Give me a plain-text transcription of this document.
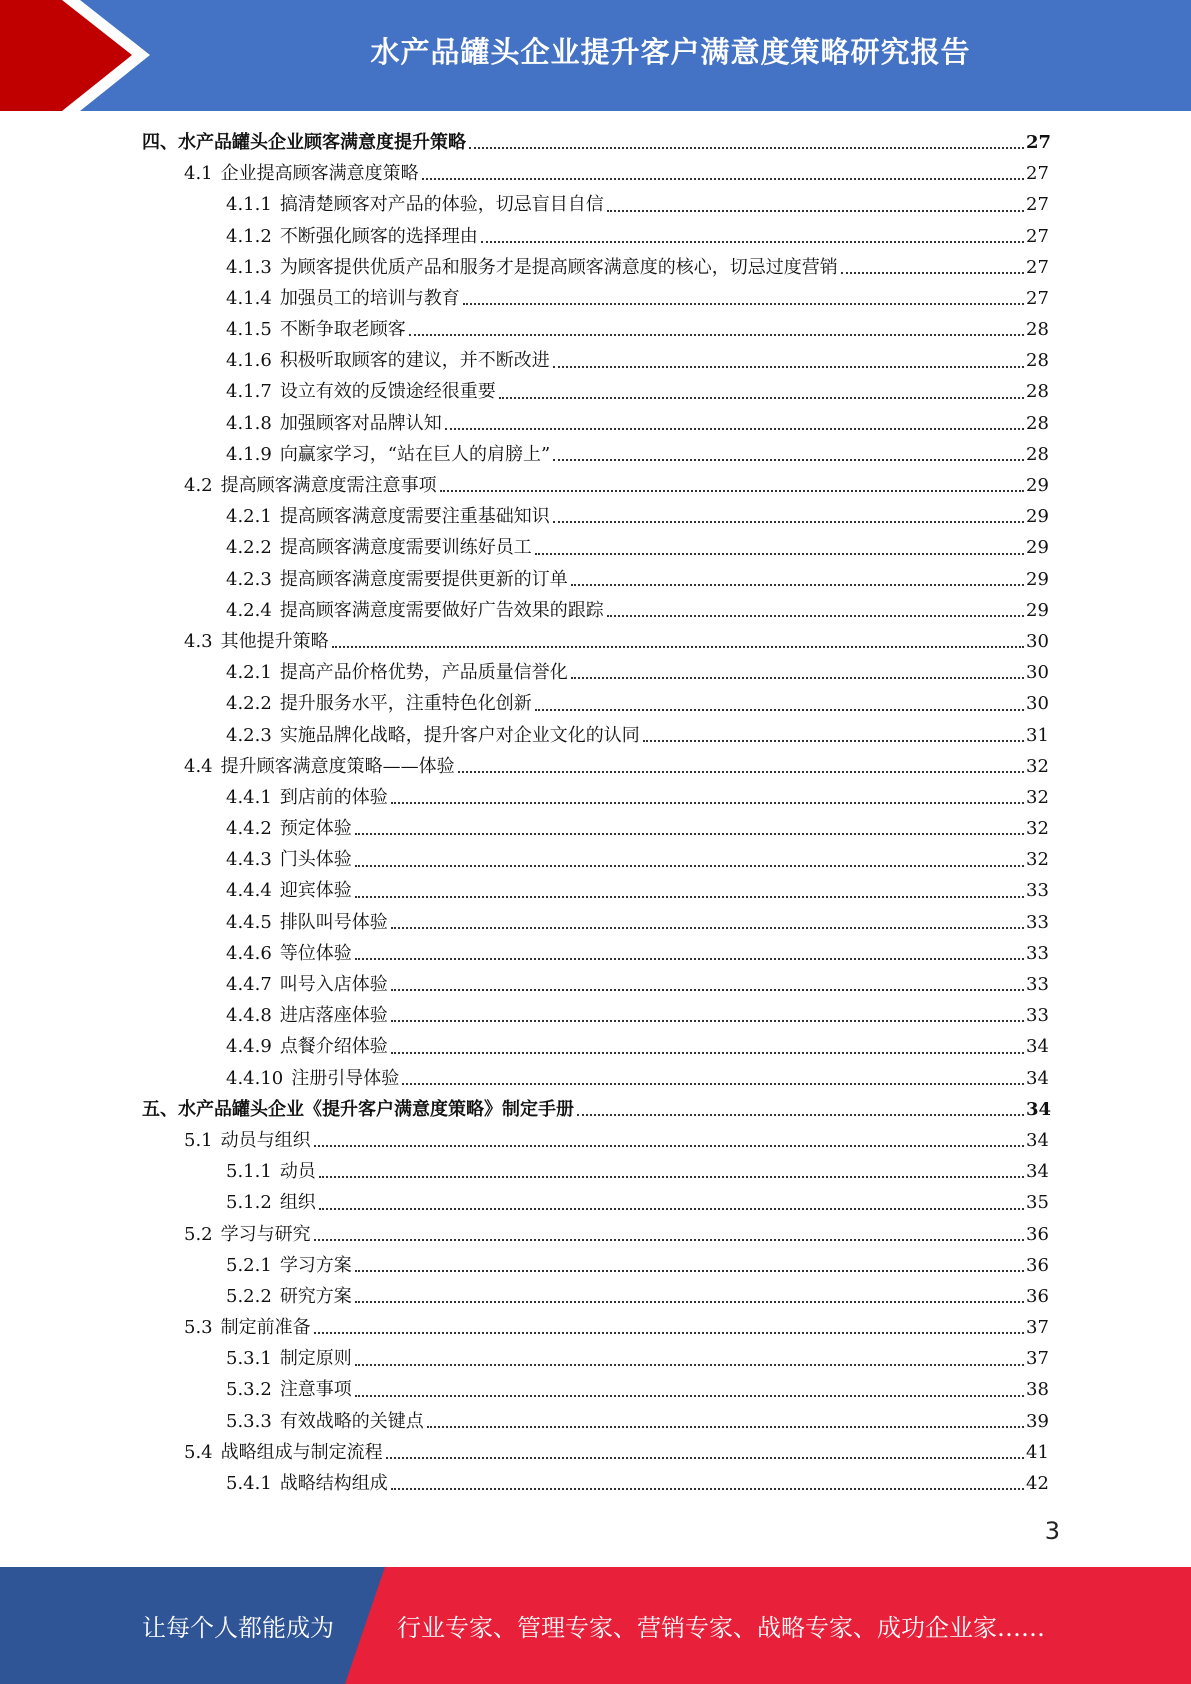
水产品罐头企业提升客户满意度策略研究报告
四、水产品罐头企业顾客满意度提升策略	27
4.1 企业提高顾客满意度策略	27
4.1.1 搞清楚顾客对产品的体验，切忌盲目自信	27
4.1.2 不断强化顾客的选择理由	27
4.1.3 为顾客提供优质产品和服务才是提高顾客满意度的核心，切忌过度营销	27
4.1.4 加强员工的培训与教育	27
4.1.5 不断争取老顾客	28
4.1.6 积极听取顾客的建议，并不断改进	28
4.1.7 设立有效的反馈途经很重要	28
4.1.8 加强顾客对品牌认知	28
4.1.9 向赢家学习，“站在巨人的肩膀上”	28
4.2 提高顾客满意度需注意事项	29
4.2.1 提高顾客满意度需要注重基础知识	29
4.2.2 提高顾客满意度需要训练好员工	29
4.2.3 提高顾客满意度需要提供更新的订单	29
4.2.4 提高顾客满意度需要做好广告效果的跟踪	29
4.3 其他提升策略	30
4.2.1 提高产品价格优势，产品质量信誉化	30
4.2.2 提升服务水平，注重特色化创新	30
4.2.3 实施品牌化战略，提升客户对企业文化的认同	31
4.4 提升顾客满意度策略——体验	32
4.4.1 到店前的体验	32
4.4.2 预定体验	32
4.4.3 门头体验	32
4.4.4 迎宾体验	33
4.4.5 排队叫号体验	33
4.4.6 等位体验	33
4.4.7 叫号入店体验	33
4.4.8 进店落座体验	33
4.4.9 点餐介绍体验	34
4.4.10 注册引导体验	34
五、水产品罐头企业《提升客户满意度策略》制定手册	34
5.1 动员与组织	34
5.1.1 动员	34
5.1.2 组织	35
5.2 学习与研究	36
5.2.1 学习方案	36
5.2.2 研究方案	36
5.3 制定前准备	37
5.3.1 制定原则	37
5.3.2 注意事项	38
5.3.3 有效战略的关键点	39
5.4 战略组成与制定流程	41
5.4.1 战略结构组成	42
3
让每个人都能成为	行业专家、管理专家、营销专家、战略专家、成功企业家……
